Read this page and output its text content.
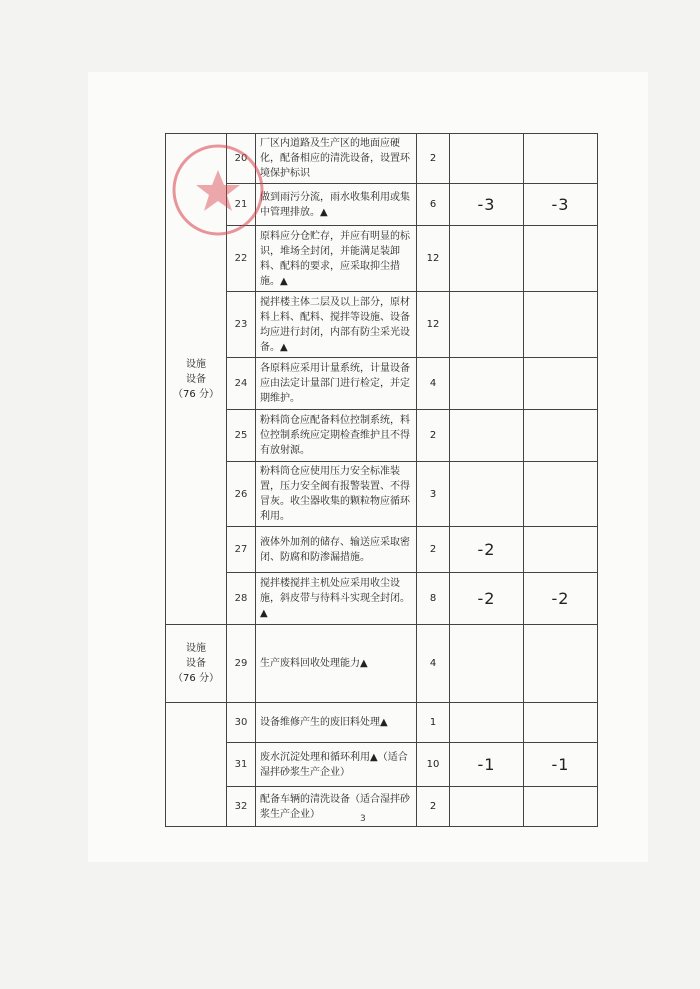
设施
设备
（76 分）	20	厂区内道路及生产区的地面应硬化，配备相应的清洗设备，设置环境保护标识	2		
	21	做到雨污分流，雨水收集利用或集中管理排放。▲	6	-3	-3
	22	原料应分仓贮存，并应有明显的标识，堆场全封闭，并能满足装卸料、配料的要求，应采取抑尘措施。▲	12		
	23	搅拌楼主体二层及以上部分，原材料上料、配料、搅拌等设施、设备均应进行封闭，内部有防尘采光设备。▲	12		
	24	各原料应采用计量系统，计量设备应由法定计量部门进行检定，并定期维护。	4		
	25	粉料筒仓应配备料位控制系统，料位控制系统应定期检查维护且不得有放射源。	2		
	26	粉料筒仓应使用压力安全标准装置，压力安全阀有报警装置、不得冒灰。收尘器收集的颗粒物应循环利用。	3		
	27	液体外加剂的储存、输送应采取密闭、防腐和防渗漏措施。	2	-2	
	28	搅拌楼搅拌主机处应采用收尘设施，斜皮带与待料斗实现全封闭。▲	8	-2	-2

设施
设备
（76 分）	29	生产废料回收处理能力▲	4		
	30	设备维修产生的废旧料处理▲	1		
	31	废水沉淀处理和循环利用▲（适合湿拌砂浆生产企业）	10	-1	-1
	32	配备车辆的清洗设备（适合湿拌砂浆生产企业）	2		
3
